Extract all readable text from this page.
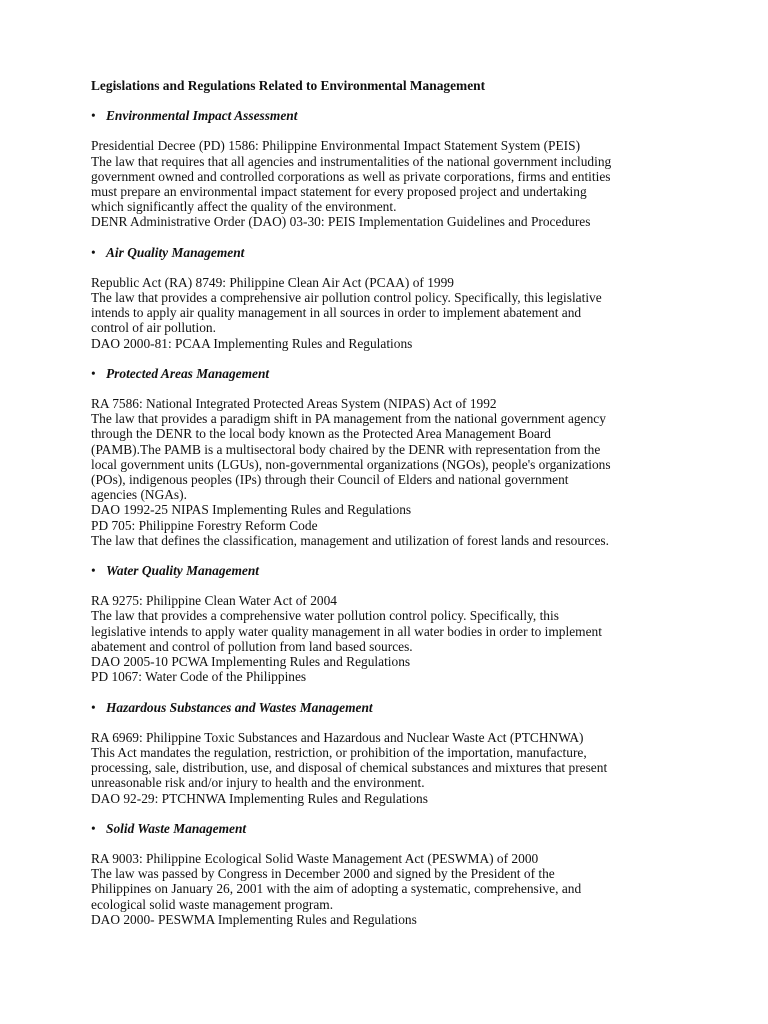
Legislations and Regulations Related to Environmental Management

• Environmental Impact Assessment

Presidential Decree (PD) 1586: Philippine Environmental Impact Statement System (PEIS)

The law that requires that all agencies and instrumentalities of the national government including

government owned and controlled corporations as well as private corporations, firms and entities

must prepare an environmental impact statement for every proposed project and undertaking

which significantly affect the quality of the environment.

DENR Administrative Order (DAO) 03-30: PEIS Implementation Guidelines and Procedures

• Air Quality Management

Republic Act (RA) 8749: Philippine Clean Air Act (PCAA) of 1999

The law that provides a comprehensive air pollution control policy. Specifically, this legislative

intends to apply air quality management in all sources in order to implement abatement and

control of air pollution.

DAO 2000-81: PCAA Implementing Rules and Regulations

• Protected Areas Management

RA 7586: National Integrated Protected Areas System (NIPAS) Act of 1992

The law that provides a paradigm shift in PA management from the national government agency

through the DENR to the local body known as the Protected Area Management Board

(PAMB).The PAMB is a multisectoral body chaired by the DENR with representation from the

local government units (LGUs), non-governmental organizations (NGOs), people's organizations

(POs), indigenous peoples (IPs) through their Council of Elders and national government

agencies (NGAs).

DAO 1992-25 NIPAS Implementing Rules and Regulations

PD 705: Philippine Forestry Reform Code

The law that defines the classification, management and utilization of forest lands and resources.

• Water Quality Management

RA 9275: Philippine Clean Water Act of 2004

The law that provides a comprehensive water pollution control policy. Specifically, this

legislative intends to apply water quality management in all water bodies in order to implement

abatement and control of pollution from land based sources.

DAO 2005-10 PCWA Implementing Rules and Regulations

PD 1067: Water Code of the Philippines

• Hazardous Substances and Wastes Management

RA 6969: Philippine Toxic Substances and Hazardous and Nuclear Waste Act (PTCHNWA)

This Act mandates the regulation, restriction, or prohibition of the importation, manufacture,

processing, sale, distribution, use, and disposal of chemical substances and mixtures that present

unreasonable risk and/or injury to health and the environment.

DAO 92-29: PTCHNWA Implementing Rules and Regulations

• Solid Waste Management

RA 9003: Philippine Ecological Solid Waste Management Act (PESWMA) of 2000

The law was passed by Congress in December 2000 and signed by the President of the

Philippines on January 26, 2001 with the aim of adopting a systematic, comprehensive, and

ecological solid waste management program.

DAO 2000- PESWMA Implementing Rules and Regulations
